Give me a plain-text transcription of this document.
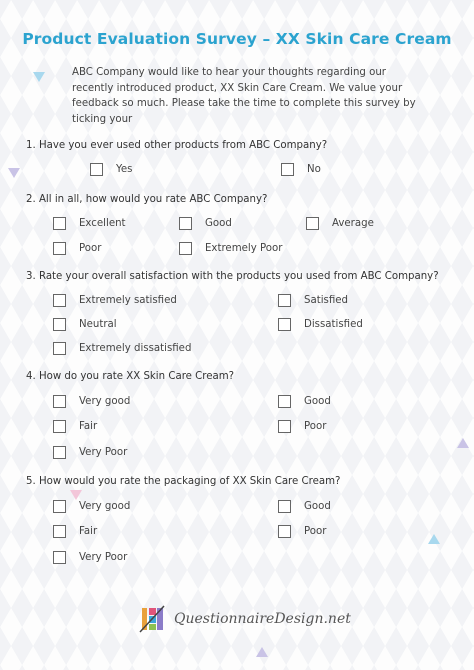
Product Evaluation Survey – XX Skin Care Cream
ABC Company would like to hear your thoughts regarding our recently introduced product, XX Skin Care Cream. We value your feedback so much. Please take the time to complete this survey by ticking your
1. Have you ever used other products from ABC Company?
Yes	No
2. All in all, how would you rate ABC Company?
Excellent	Good	Average
Poor	Extremely Poor
3. Rate your overall satisfaction with the products you used from ABC Company?
Extremely satisfied	Satisfied
Neutral	Dissatisfied
Extremely dissatisfied
4. How do you rate XX Skin Care Cream?
Very good	Good
Fair	Poor
Very Poor
5. How would you rate the packaging of XX Skin Care Cream?
Very good	Good
Fair	Poor
Very Poor
QuestionnaireDesign.net
